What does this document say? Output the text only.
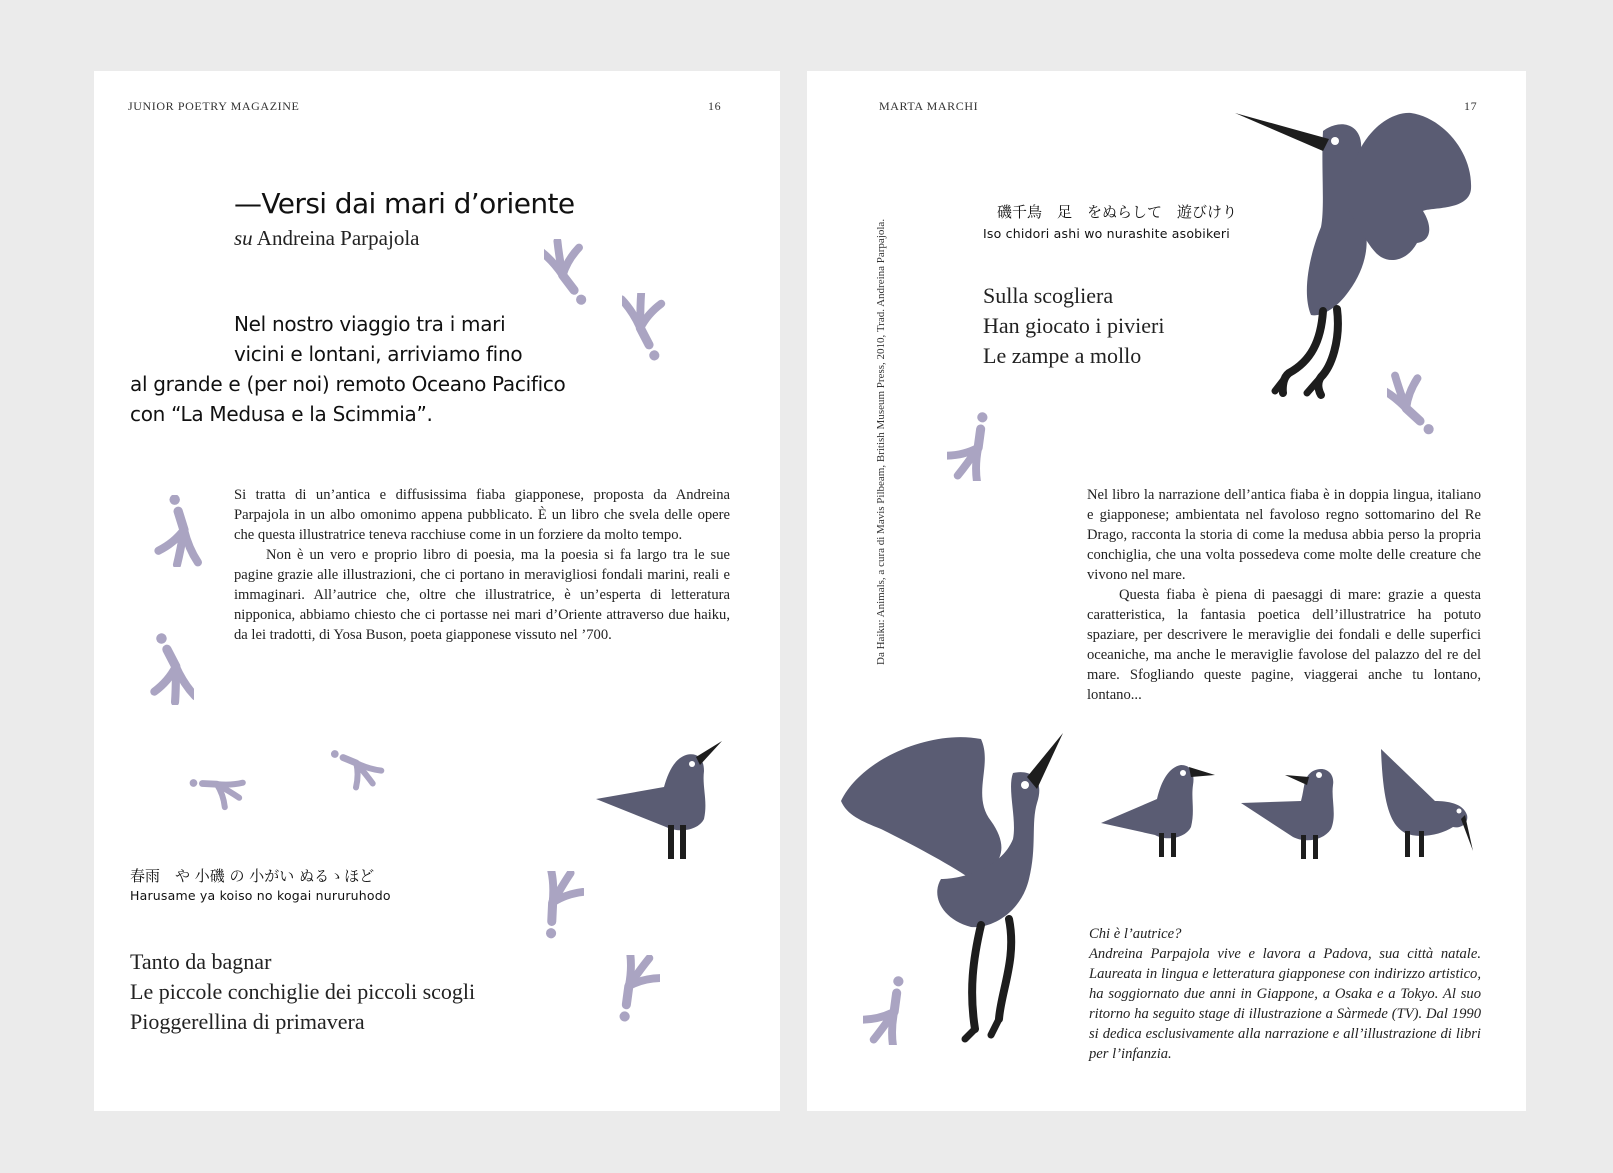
JUNIOR POETRY MAGAZINE	16
—Versi dai mari d’oriente
su Andreina Parpajola
Nel nostro viaggio tra i mari
vicini e lontani, arriviamo fino
al grande e (per noi) remoto Oceano Pacifico
con “La Medusa e la Scimmia”.

Si tratta di un’antica e diffusissima fiaba giapponese, proposta da Andreina Parpajola in un albo omonimo appena pubblicato. È un libro che svela delle opere che questa illustratrice teneva racchiuse come in un forziere da molto tempo.

Non è un vero e proprio libro di poesia, ma la poesia si fa largo tra le sue pagine grazie alle illustrazioni, che ci portano in meravigliosi fondali marini, reali e immaginari. All’autrice che, oltre che illustratrice, è un’esperta di letteratura nipponica, abbiamo chiesto che ci portasse nei mari d’Oriente attraverso due haiku, da lei tradotti, di Yosa Buson, poeta giapponese vissuto nel ’700.

春雨　や 小磯 の 小がい ぬるゝほど
Harusame ya koiso no kogai nururuhodo
Tanto da bagnar
Le piccole conchiglie dei piccoli scogli
Pioggerellina di primavera
MARTA MARCHI	17
Da Haiku: Animals, a cura di Mavis Pilbeam, British Museum Press, 2010, Trad. Andreina Parpajola.
磯千鳥　足　をぬらして　遊びけり
Iso chidori ashi wo nurashite asobikeri
Sulla scogliera
Han giocato i pivieri
Le zampe a mollo

Nel libro la narrazione dell’antica fiaba è in doppia lingua, italiano e giapponese; ambientata nel favoloso regno sottomarino del Re Drago, racconta la storia di come la medusa abbia perso la propria conchiglia, che una volta possedeva come molte delle creature che vivono nel mare.

Questa fiaba è piena di paesaggi di mare: grazie a questa caratteristica, la fantasia poetica dell’illustratrice ha potuto spaziare, per descrivere le meraviglie dei fondali e delle superfici oceaniche, ma anche le meraviglie favolose del palazzo del re del mare. Sfogliando queste pagine, viaggerai anche tu lontano, lontano...

Chi è l’autrice?

Andreina Parpajola vive e lavora a Padova, sua città natale. Laureata in lingua e letteratura giapponese con indirizzo artistico, ha soggiornato due anni in Giappone, a Osaka e a Tokyo. Al suo ritorno ha seguito stage di illustrazione a Sàrmede (TV). Dal 1990 si dedica esclusivamente alla narrazione e all’illustrazione di libri per l’infanzia.
